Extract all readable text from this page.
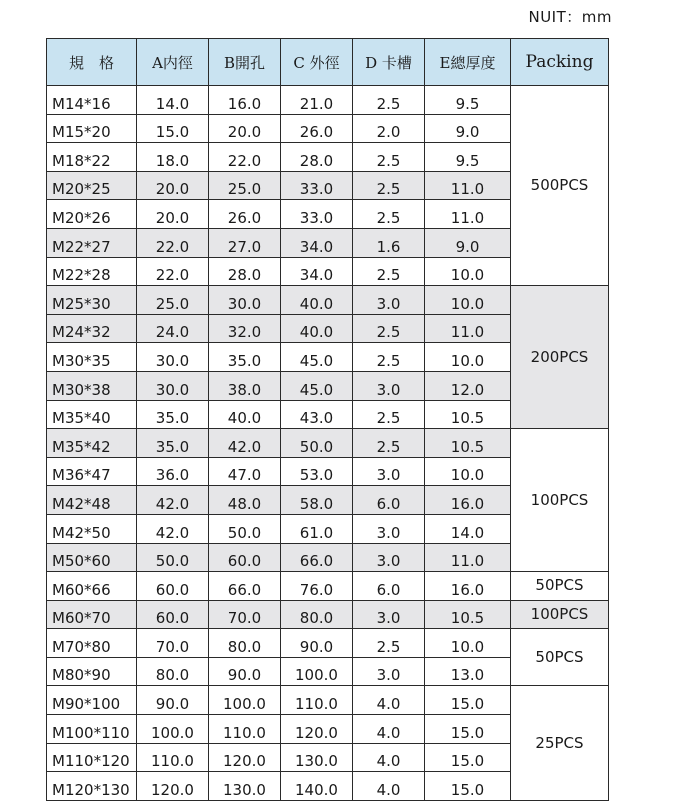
NUIT：mm
規　格	A内徑	B開孔	C 外徑	D 卡槽	E總厚度	Packing
M14*16	14.0	16.0	21.0	2.5	9.5	500PCS
M15*20	15.0	20.0	26.0	2.0	9.0	
M18*22	18.0	22.0	28.0	2.5	9.5	
M20*25	20.0	25.0	33.0	2.5	11.0	
M20*26	20.0	26.0	33.0	2.5	11.0	
M22*27	22.0	27.0	34.0	1.6	9.0	
M22*28	22.0	28.0	34.0	2.5	10.0	
M25*30	25.0	30.0	40.0	3.0	10.0	200PCS
M24*32	24.0	32.0	40.0	2.5	11.0	
M30*35	30.0	35.0	45.0	2.5	10.0	
M30*38	30.0	38.0	45.0	3.0	12.0	
M35*40	35.0	40.0	43.0	2.5	10.5	
M35*42	35.0	42.0	50.0	2.5	10.5	100PCS
M36*47	36.0	47.0	53.0	3.0	10.0	
M42*48	42.0	48.0	58.0	6.0	16.0	
M42*50	42.0	50.0	61.0	3.0	14.0	
M50*60	50.0	60.0	66.0	3.0	11.0	
M60*66	60.0	66.0	76.0	6.0	16.0	50PCS
M60*70	60.0	70.0	80.0	3.0	10.5	100PCS
M70*80	70.0	80.0	90.0	2.5	10.0	50PCS
M80*90	80.0	90.0	100.0	3.0	13.0	
M90*100	90.0	100.0	110.0	4.0	15.0	25PCS
M100*110	100.0	110.0	120.0	4.0	15.0	
M110*120	110.0	120.0	130.0	4.0	15.0	
M120*130	120.0	130.0	140.0	4.0	15.0	
